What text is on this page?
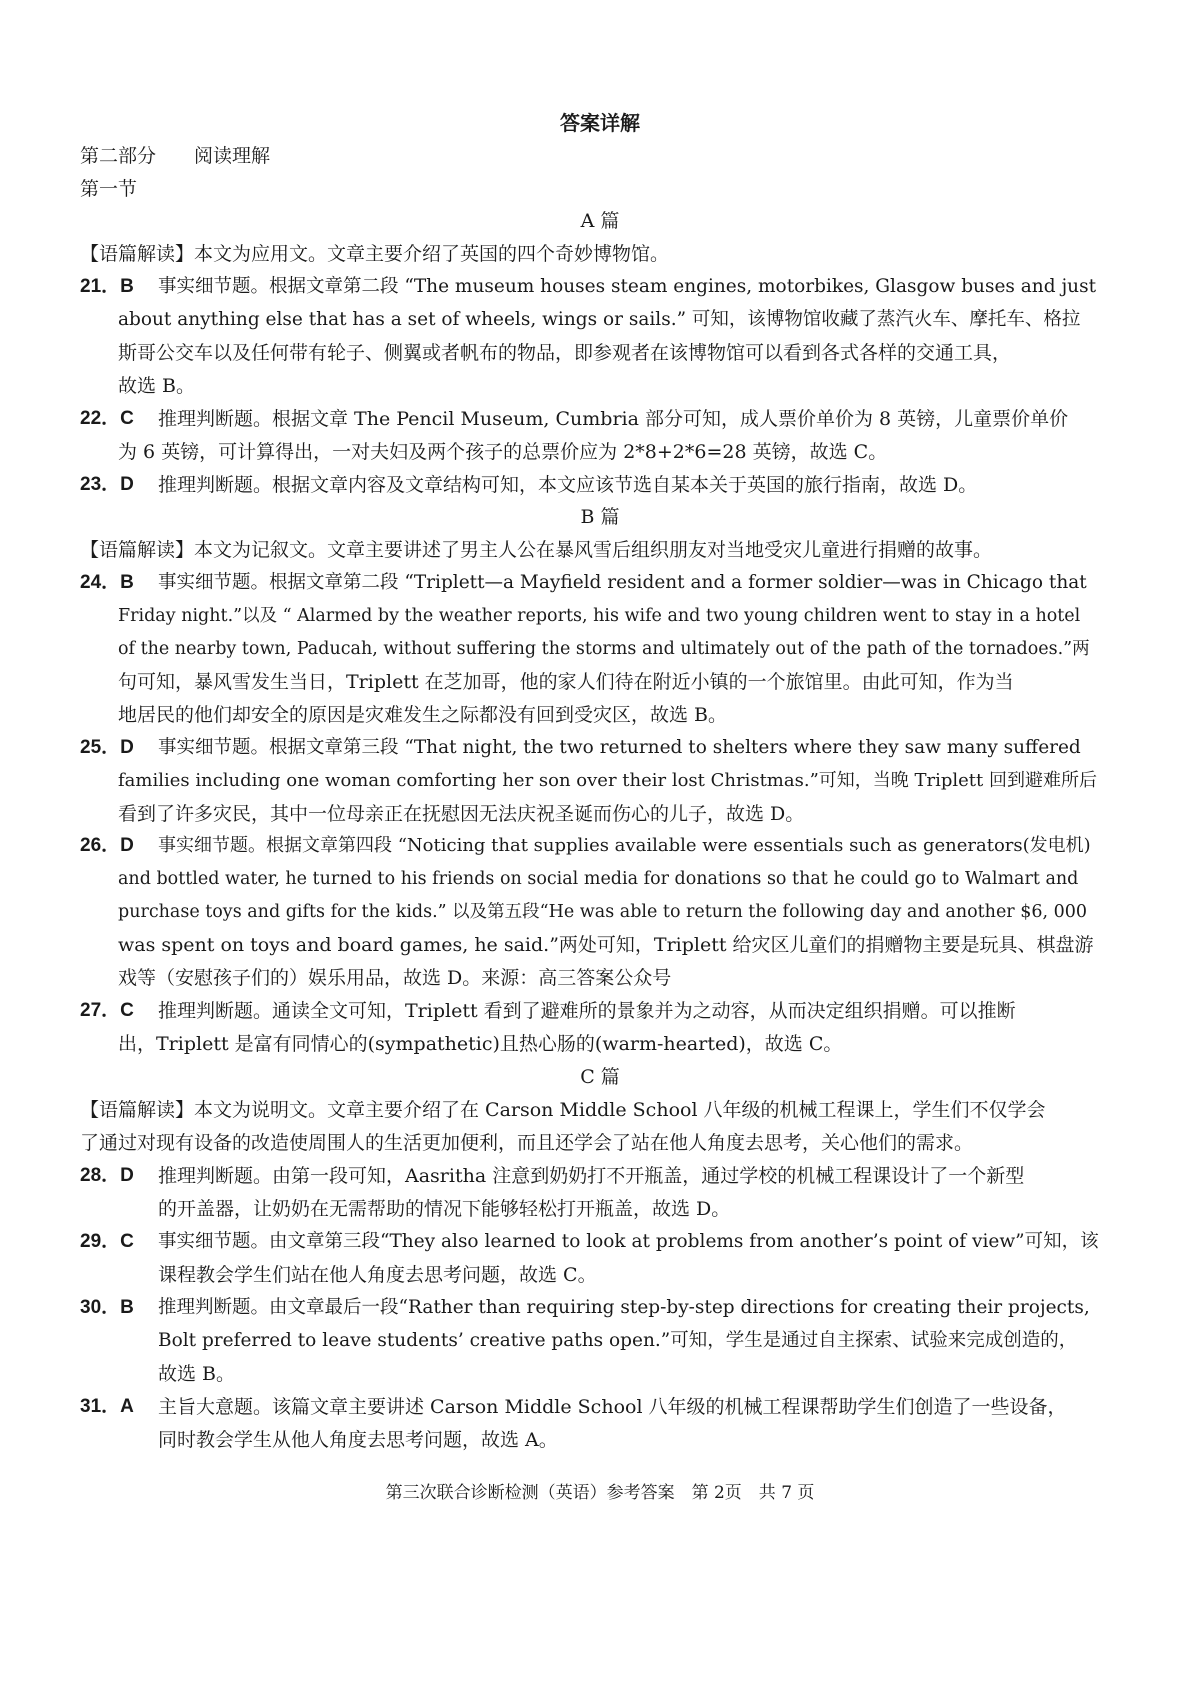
答案详解
第二部分　　阅读理解
第一节
A 篇
【语篇解读】本文为应用文。文章主要介绍了英国的四个奇妙博物馆。
21．B 事实细节题。根据文章第二段 “The museum houses steam engines, motorbikes, Glasgow buses and just
about anything else that has a set of wheels, wings or sails.” 可知，该博物馆收藏了蒸汽火车、摩托车、格拉
斯哥公交车以及任何带有轮子、侧翼或者帆布的物品，即参观者在该博物馆可以看到各式各样的交通工具，
故选 B。
22．C 推理判断题。根据文章 The Pencil Museum, Cumbria 部分可知，成人票价单价为 8 英镑，儿童票价单价
为 6 英镑，可计算得出，一对夫妇及两个孩子的总票价应为 2*8+2*6=28 英镑，故选 C。
23．D 推理判断题。根据文章内容及文章结构可知，本文应该节选自某本关于英国的旅行指南，故选 D。
B 篇
【语篇解读】本文为记叙文。文章主要讲述了男主人公在暴风雪后组织朋友对当地受灾儿童进行捐赠的故事。
24．B 事实细节题。根据文章第二段 “Triplett—a Mayfield resident and a former soldier—was in Chicago that
Friday night.”以及 “ Alarmed by the weather reports, his wife and two young children went to stay in a hotel
of the nearby town, Paducah, without suffering the storms and ultimately out of the path of the tornadoes.”两
句可知，暴风雪发生当日，Triplett 在芝加哥，他的家人们待在附近小镇的一个旅馆里。由此可知，作为当
地居民的他们却安全的原因是灾难发生之际都没有回到受灾区，故选 B。
25．D 事实细节题。根据文章第三段 “That night, the two returned to shelters where they saw many suffered
families including one woman comforting her son over their lost Christmas.”可知，当晚 Triplett 回到避难所后
看到了许多灾民，其中一位母亲正在抚慰因无法庆祝圣诞而伤心的儿子，故选 D。
26．D 事实细节题。根据文章第四段 “Noticing that supplies available were essentials such as generators(发电机)
and bottled water, he turned to his friends on social media for donations so that he could go to Walmart and
purchase toys and gifts for the kids.” 以及第五段“He was able to return the following day and another $6, 000
was spent on toys and board games, he said.”两处可知，Triplett 给灾区儿童们的捐赠物主要是玩具、棋盘游
戏等（安慰孩子们的）娱乐用品，故选 D。来源：高三答案公众号
27．C 推理判断题。通读全文可知，Triplett 看到了避难所的景象并为之动容，从而决定组织捐赠。可以推断
出，Triplett 是富有同情心的(sympathetic)且热心肠的(warm-hearted)，故选 C。
C 篇
【语篇解读】本文为说明文。文章主要介绍了在 Carson Middle School 八年级的机械工程课上，学生们不仅学会
了通过对现有设备的改造使周围人的生活更加便利，而且还学会了站在他人角度去思考，关心他们的需求。
28．D 推理判断题。由第一段可知，Aasritha 注意到奶奶打不开瓶盖，通过学校的机械工程课设计了一个新型
的开盖器，让奶奶在无需帮助的情况下能够轻松打开瓶盖，故选 D。
29．C 事实细节题。由文章第三段“They also learned to look at problems from another’s point of view”可知，该
课程教会学生们站在他人角度去思考问题，故选 C。
30．B 推理判断题。由文章最后一段“Rather than requiring step-by-step directions for creating their projects,
Bolt preferred to leave students’ creative paths open.”可知，学生是通过自主探索、试验来完成创造的，
故选 B。
31．A 主旨大意题。该篇文章主要讲述 Carson Middle School 八年级的机械工程课帮助学生们创造了一些设备，
同时教会学生从他人角度去思考问题，故选 A。
第三次联合诊断检测（英语）参考答案　第 2页　共 7 页
